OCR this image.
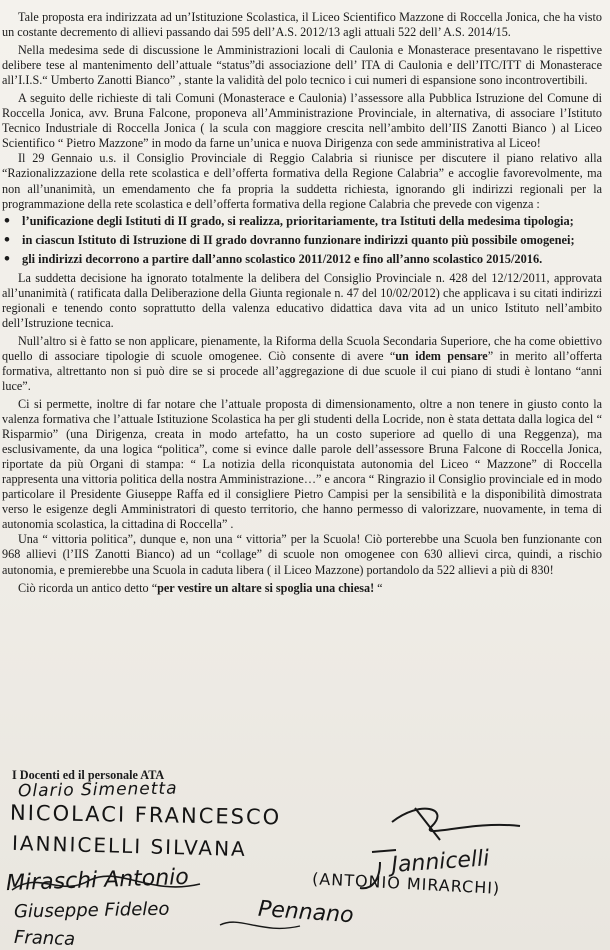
Tale proposta era indirizzata ad un’Istituzione Scolastica, il Liceo Scientifico Mazzone di Roccella Jonica, che ha visto un costante decremento di allievi passando dai 595 dell’A.S. 2012/13 agli attuali 522 dell’ A.S. 2014/15.

Nella medesima sede di discussione le Amministrazioni locali di Caulonia e Monasterace presentavano le rispettive delibere tese al mantenimento dell’attuale “status”di associazione dell’ ITA di Caulonia e dell’ITC/ITT di Monasterace all’I.I.S.“ Umberto Zanotti Bianco” , stante la validità del polo tecnico i cui numeri di espansione sono incontrovertibili.

A seguito delle richieste di tali Comuni (Monasterace e Caulonia) l’assessore alla Pubblica Istruzione del Comune di Roccella Jonica, avv. Bruna Falcone, proponeva all’Amministrazione Provinciale, in alternativa, di associare l’Istituto Tecnico Industriale di Roccella Jonica ( la scula con maggiore crescita nell’ambito dell’IIS Zanotti Bianco ) al Liceo Scientifico “ Pietro Mazzone” in modo da farne un’unica e nuova Dirigenza con sede amministrativa al Liceo!

Il 29 Gennaio u.s. il Consiglio Provinciale di Reggio Calabria si riunisce per discutere il piano relativo alla “Razionalizzazione della rete scolastica e dell’offerta formativa della Regione Calabria” e accoglie favorevolmente, ma non all’unanimità, un emendamento che fa propria la suddetta richiesta, ignorando gli indirizzi regionali per la programmazione della rete scolastica e dell’offerta formativa della regione Calabria che prevede con vigenza :

• l’unificazione degli Istituti di II grado, si realizza, prioritariamente, tra Istituti della medesima tipologia;
• in ciascun Istituto di Istruzione di II grado dovranno funzionare indirizzi quanto più possibile omogenei;
• gli indirizzi decorrono a partire dall’anno scolastico 2011/2012 e fino all’anno scolastico 2015/2016.

La suddetta decisione ha ignorato totalmente la delibera del Consiglio Provinciale n. 428 del 12/12/2011, approvata all’unanimità ( ratificata dalla Deliberazione della Giunta regionale n. 47 del 10/02/2012) che applicava i su citati indirizzi regionali e tenendo conto soprattutto della valenza educativo didattica dava vita ad un unico Istituto nell’ambito dell’Istruzione tecnica.

Null’altro si è fatto se non applicare, pienamente, la Riforma della Scuola Secondaria Superiore, che ha come obiettivo quello di associare tipologie di scuole omogenee. Ciò consente di avere “un idem pensare” in merito all’offerta formativa, altrettanto non si può dire se si procede all’aggregazione di due scuole il cui piano di studi è lontano “anni luce”.

Ci si permette, inoltre di far notare che l’attuale proposta di dimensionamento, oltre a non tenere in giusto conto la valenza formativa che l’attuale Istituzione Scolastica ha per gli studenti della Locride, non è stata dettata dalla logica del “ Risparmio” (una Dirigenza, creata in modo artefatto, ha un costo superiore ad quello di una Reggenza), ma esclusivamente, da una logica “politica”, come si evince dalle parole dell’assessore Bruna Falcone di Roccella Jonica, riportate da più Organi di stampa: “ La notizia della riconquistata autonomia del Liceo “ Mazzone” di Roccella rappresenta una vittoria politica della nostra Amministrazione…” e ancora “ Ringrazio il Consiglio provinciale ed in modo particolare il Presidente Giuseppe Raffa ed il consigliere Pietro Campisi per la sensibilità e la disponibilità dimostrata verso le esigenze degli Amministratori di questo territorio, che hanno permesso di valorizzare, nuovamente, in tema di autonomia scolastica, la cittadina di Roccella” .

Una “ vittoria politica”, dunque e, non una “ vittoria” per la Scuola! Ciò porterebbe una Scuola ben funzionante con 968 allievi (l’IIS Zanotti Bianco) ad un “collage” di scuole non omogenee con 630 allievi circa, quindi, a rischio autonomia, e premierebbe una Scuola in caduta libera ( il Liceo Mazzone) portandolo da 522 allievi a più di 830!

Ciò ricorda un antico detto “per vestire un altare si spoglia una chiesa! “

I Docenti ed il personale ATA
Olario Simenetta
NICOLACI FRANCESCO
IANNICELLI SILVANA
Miraschi Antonio	(ANTONIO MIRARCHI)
Giuseppe Fideleo	Pennano
Franca
Jannicelli
